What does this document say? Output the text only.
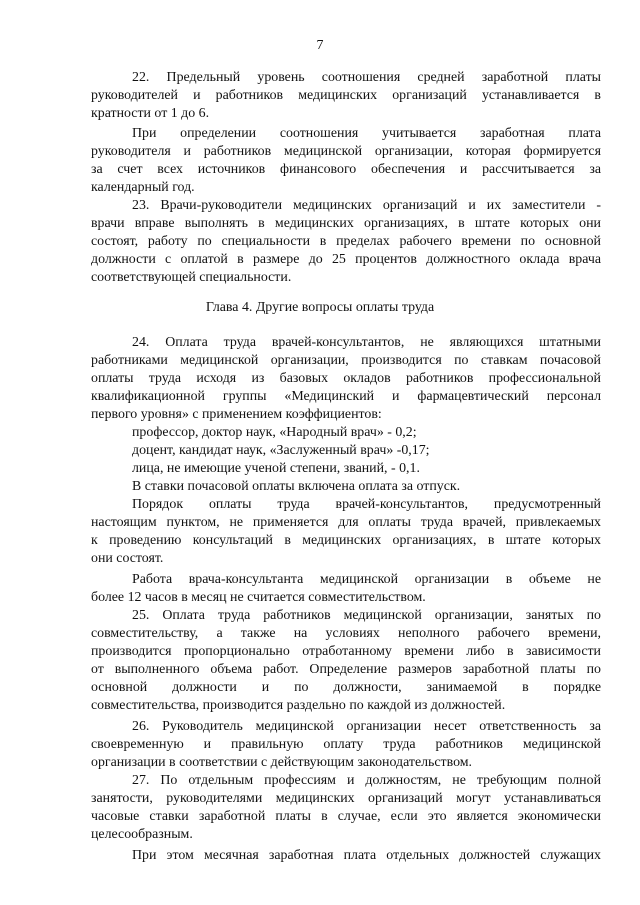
7
22. Предельный уровень соотношения средней заработной платы
руководителей и работников медицинских организаций устанавливается в
кратности от 1 до 6.
При определении соотношения учитывается заработная плата
руководителя и работников медицинской организации, которая формируется
за счет всех источников финансового обеспечения и рассчитывается за
календарный год.
23. Врачи-руководители медицинских организаций и их заместители -
врачи вправе выполнять в медицинских организациях, в штате которых они
состоят, работу по специальности в пределах рабочего времени по основной
должности с оплатой в размере до 25 процентов должностного оклада врача
соответствующей специальности.
Глава 4. Другие вопросы оплаты труда
24. Оплата труда врачей-консультантов, не являющихся штатными
работниками медицинской организации, производится по ставкам почасовой
оплаты труда исходя из базовых окладов работников профессиональной
квалификационной группы «Медицинский и фармацевтический персонал
первого уровня» с применением коэффициентов:
профессор, доктор наук, «Народный врач» - 0,2;
доцент, кандидат наук, «Заслуженный врач» -0,17;
лица, не имеющие ученой степени, званий, - 0,1.
В ставки почасовой оплаты включена оплата за отпуск.
Порядок оплаты труда врачей-консультантов, предусмотренный
настоящим пунктом, не применяется для оплаты труда врачей, привлекаемых
к проведению консультаций в медицинских организациях, в штате которых
они состоят.
Работа врача-консультанта медицинской организации в объеме не
более 12 часов в месяц не считается совместительством.
25. Оплата труда работников медицинской организации, занятых по
совместительству, а также на условиях неполного рабочего времени,
производится пропорционально отработанному времени либо в зависимости
от выполненного объема работ. Определение размеров заработной платы по
основной должности и по должности, занимаемой в порядке
совместительства, производится раздельно по каждой из должностей.
26. Руководитель медицинской организации несет ответственность за
своевременную и правильную оплату труда работников медицинской
организации в соответствии с действующим законодательством.
27. По отдельным профессиям и должностям, не требующим полной
занятости, руководителями медицинских организаций могут устанавливаться
часовые ставки заработной платы в случае, если это является экономически
целесообразным.
При этом месячная заработная плата отдельных должностей служащих
